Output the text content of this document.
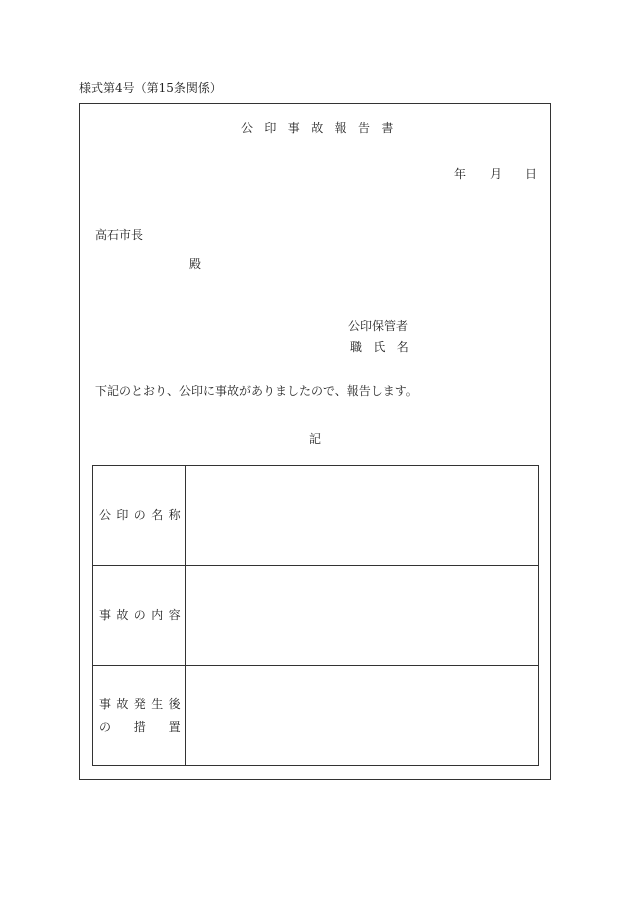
様式第4号（第15条関係）
公印事故報告書
年 月 日
高石市長
殿
公印保管者
職氏名
下記のとおり、公印に事故がありましたので、報告します。
記
公印の名称	

事故の内容	

事故発生後
の　措　置	
